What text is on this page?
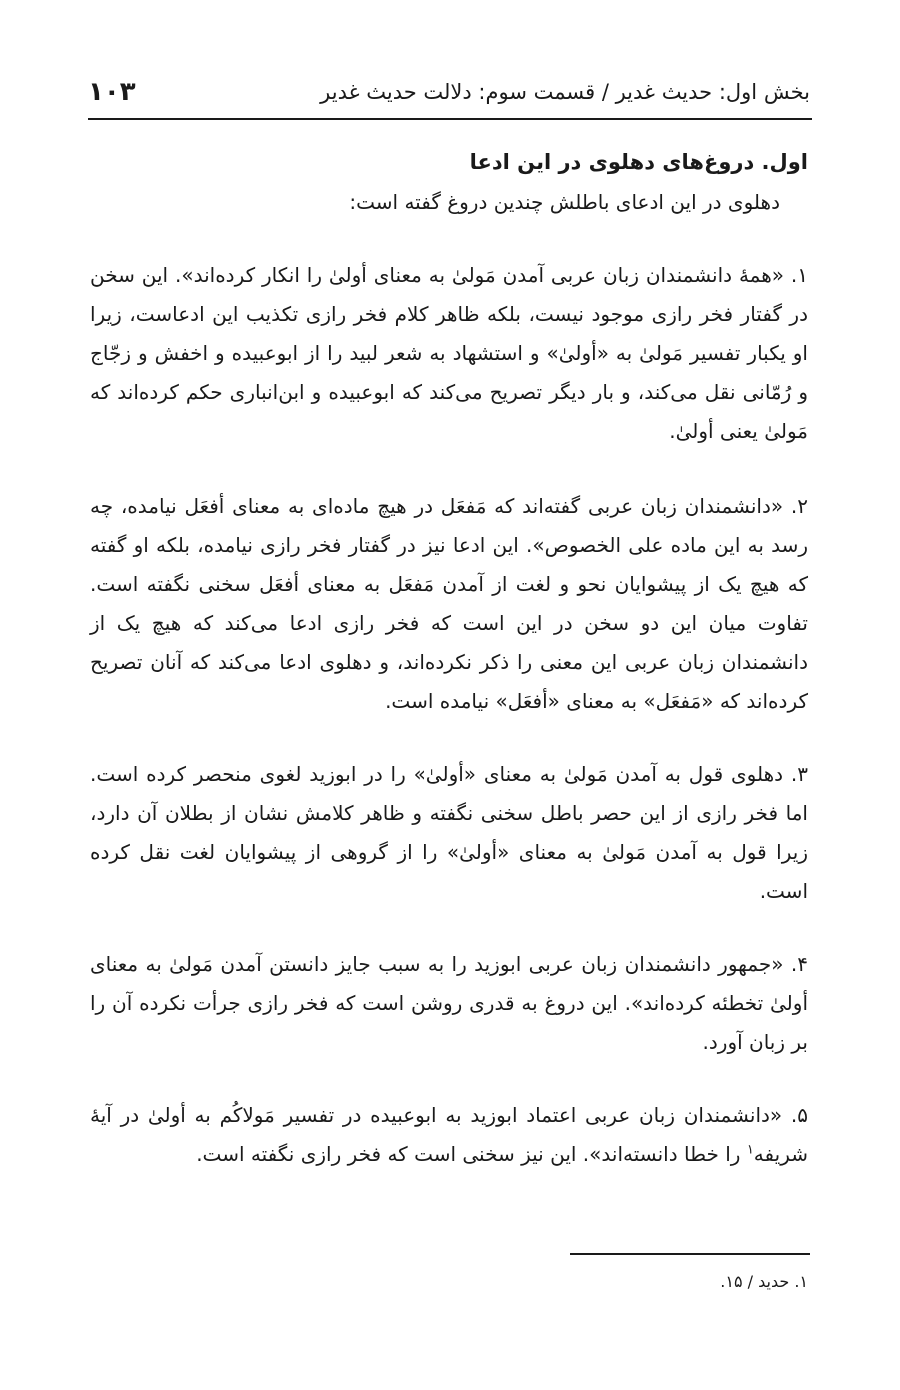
بخش اول: حدیث غدیر / قسمت سوم: دلالت حدیث غدیر
۱۰۳
اول. دروغ‌های دهلوی در این ادعا

دهلوی در این ادعای باطلش چندین دروغ گفته است:

۱. «همهٔ دانشمندان زبان عربی آمدن مَولیٰ به معنای أولیٰ را انکار کرده‌اند». این سخن در گفتار فخر رازی موجود نیست، بلکه ظاهر کلام فخر رازی تکذیب این ادعاست، زیرا او یکبار تفسیر مَولیٰ به «أولیٰ» و استشهاد به شعر لبید را از ابوعبیده و اخفش و زجّاج و رُمّانی نقل می‌کند، و بار دیگر تصریح می‌کند که ابوعبیده و ابن‌انباری حکم کرده‌اند که مَولیٰ یعنی أولیٰ.

۲. «دانشمندان زبان عربی گفته‌اند که مَفعَل در هیچ ماده‌ای به معنای أفعَل نیامده، چه رسد به این ماده علی الخصوص». این ادعا نیز در گفتار فخر رازی نیامده، بلکه او گفته که هیچ یک از پیشوایان نحو و لغت از آمدن مَفعَل به معنای أفعَل سخنی نگفته است. تفاوت میان این دو سخن در این است که فخر رازی ادعا می‌کند که هیچ یک از دانشمندان زبان عربی این معنی را ذکر نکرده‌اند، و دهلوی ادعا می‌کند که آنان تصریح کرده‌اند که «مَفعَل» به معنای «أفعَل» نیامده است.

۳. دهلوی قول به آمدن مَولیٰ به معنای «أولیٰ» را در ابوزید لغوی منحصر کرده است. اما فخر رازی از این حصر باطل سخنی نگفته و ظاهر کلامش نشان از بطلان آن دارد، زیرا قول به آمدن مَولیٰ به معنای «أولیٰ» را از گروهی از پیشوایان لغت نقل کرده است.

۴. «جمهور دانشمندان زبان عربی ابوزید را به سبب جایز دانستن آمدن مَولیٰ به معنای أولیٰ تخطئه کرده‌اند». این دروغ به قدری روشن است که فخر رازی جرأت نکرده آن را بر زبان آورد.

۵. «دانشمندان زبان عربی اعتماد ابوزید به ابوعبیده در تفسیر مَولاکُم به أولیٰ در آیهٔ شریفه$^۱$ را خطا دانسته‌اند». این نیز سخنی است که فخر رازی نگفته است.

۱. حدید / ۱۵.
